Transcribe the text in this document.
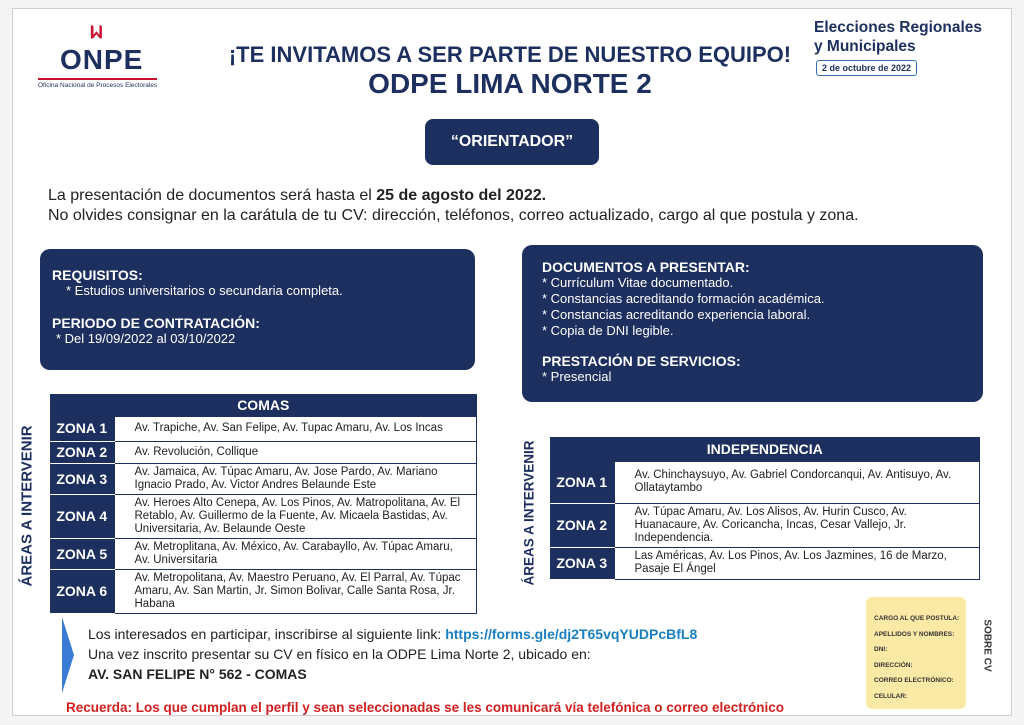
ᥕ
ONPE
Oficina Nacional de Procesos Electorales
¡TE INVITAMOS A SER PARTE DE NUESTRO EQUIPO!
ODPE LIMA NORTE 2
Elecciones Regionales
y Municipales
2 de octubre de 2022
“ORIENTADOR”
La presentación de documentos será hasta el 25 de agosto del 2022.
No olvides consignar en la carátula de tu CV: dirección, teléfonos, correo actualizado, cargo al que postula y zona.
REQUISITOS:
* Estudios universitarios o secundaria completa.
PERIODO DE CONTRATACIÓN:
* Del 19/09/2022 al 03/10/2022
DOCUMENTOS A PRESENTAR:
* Currículum Vitae documentado.
* Constancias acreditando formación académica.
* Constancias acreditando experiencia laboral.
* Copia de DNI legible.
PRESTACIÓN DE SERVICIOS:
* Presencial
ÁREAS A INTERVENIR	ÁREAS A INTERVENIR
COMAS	
ZONA 1	Av. Trapiche, Av. San Felipe, Av. Tupac Amaru, Av. Los Incas
ZONA 2	Av. Revolución, Collique
ZONA 3	Av. Jamaica, Av. Túpac Amaru, Av. Jose Pardo, Av. Mariano Ignacio Prado, Av. Victor Andres Belaunde Este
ZONA 4	Av. Heroes Alto Cenepa, Av. Los Pinos, Av. Matropolitana, Av. El Retablo, Av. Guillermo de la Fuente, Av. Micaela Bastidas, Av. Universitaria, Av. Belaunde Oeste
ZONA 5	Av. Metroplitana, Av. México, Av. Carabayllo, Av. Túpac Amaru, Av. Universitaria
ZONA 6	Av. Metropolitana, Av. Maestro Peruano, Av. El Parral, Av. Túpac Amaru, Av. San Martin, Jr. Simon Bolivar, Calle Santa Rosa, Jr. Habana
INDEPENDENCIA	
ZONA 1	Av. Chinchaysuyo, Av. Gabriel Condorcanqui, Av. Antisuyo, Av. Ollataytambo
ZONA 2	Av. Túpac Amaru, Av. Los Alisos, Av. Hurin Cusco, Av. Huanacaure, Av. Coricancha, Incas, Cesar Vallejo, Jr. Independencia.
ZONA 3	Las Américas, Av. Los Pinos, Av. Los Jazmines, 16 de Marzo, Pasaje El Ángel
Los interesados en participar, inscribirse al siguiente link: https://forms.gle/dj2T65vqYUDPcBfL8
Una vez inscrito presentar su CV en físico en la ODPE Lima Norte 2, ubicado en:
AV. SAN FELIPE N° 562 - COMAS
Recuerda: Los que cumplan el perfil y sean seleccionadas se les comunicará vía telefónica o correo electrónico
CARGO AL QUE POSTULA:
APELLIDOS Y NOMBRES:
DNI:
DIRECCIÓN:
CORREO ELECTRÓNICO:
CELULAR:
SOBRE CV
